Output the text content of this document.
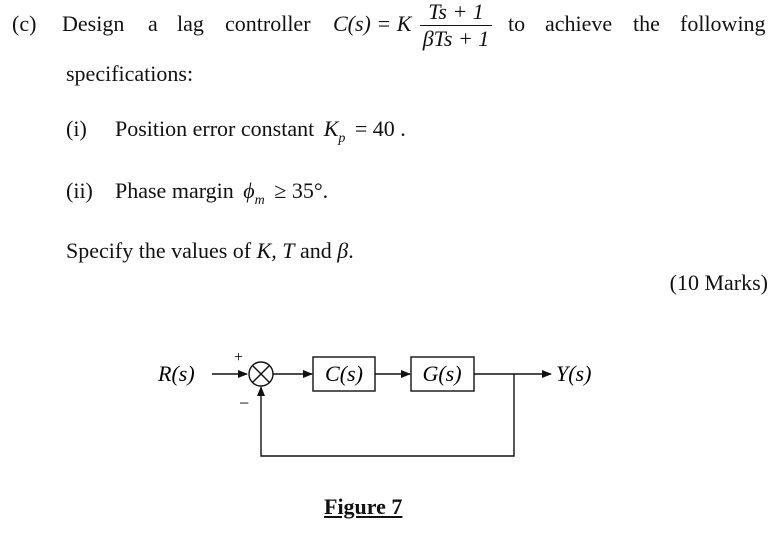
(c) Design a lag controller C(s) = K Ts + 1
βTs + 1
to achieve the following
specifications:
(i) Position error constant $K_p = 40$ .
(ii) Phase margin $\phi_m \ge 35^\circ$.
Specify the values of K, T and β.
(10 Marks)
R(s)
+
−
C(s)	G(s)	Y(s)
Figure 7
